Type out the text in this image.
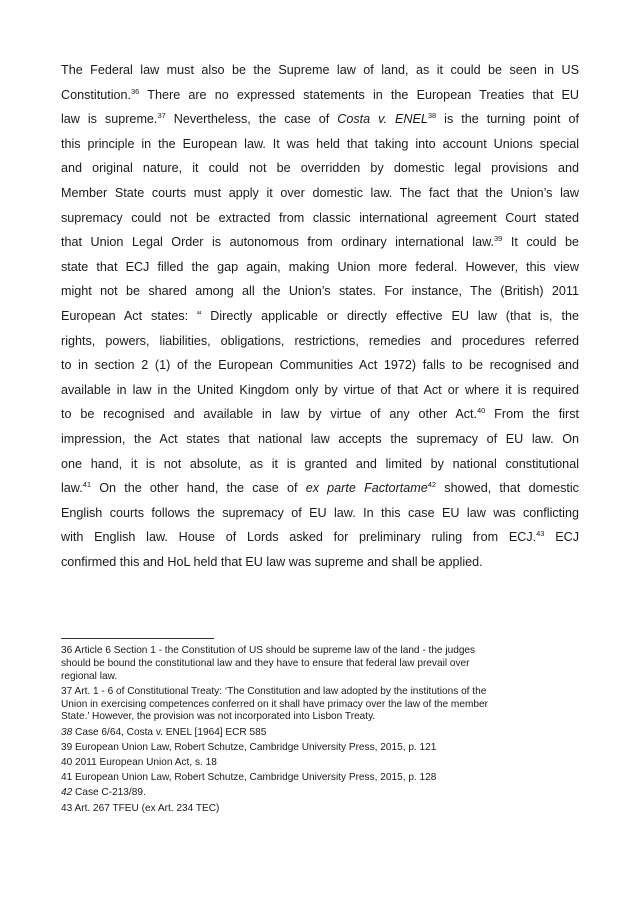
The Federal law must also be the Supreme law of land, as it could be seen in US
Constitution.$^{36}$ There are no expressed statements in the European Treaties that EU
law is supreme.$^{37}$ Nevertheless, the case of Costa v. ENEL$^{38}$ is the turning point of
this principle in the European law. It was held that taking into account Unions special
and original nature, it could not be overridden by domestic legal provisions and
Member State courts must apply it over domestic law. The fact that the Union’s law
supremacy could not be extracted from classic international agreement Court stated
that Union Legal Order is autonomous from ordinary international law.$^{39}$ It could be
state that ECJ filled the gap again, making Union more federal. However, this view
might not be shared among all the Union’s states. For instance, The (British) 2011
European Act states: “ Directly applicable or directly effective EU law (that is, the
rights, powers, liabilities, obligations, restrictions, remedies and procedures referred
to in section 2 (1) of the European Communities Act 1972) falls to be recognised and
available in law in the United Kingdom only by virtue of that Act or where it is required
to be recognised and available in law by virtue of any other Act.$^{40}$ From the first
impression, the Act states that national law accepts the supremacy of EU law. On
one hand, it is not absolute, as it is granted and limited by national constitutional
law.$^{41}$ On the other hand, the case of ex parte Factortame$^{42}$ showed, that domestic
English courts follows the supremacy of EU law. In this case EU law was conflicting
with English law. House of Lords asked for preliminary ruling from ECJ.$^{43}$ ECJ
confirmed this and HoL held that EU law was supreme and shall be applied.
36 Article 6 Section 1 - the Constitution of US should be supreme law of the land - the judges
should be bound the constitutional law and they have to ensure that federal law prevail over
regional law.
37 Art. 1 - 6 of Constitutional Treaty: ‘The Constitution and law adopted by the institutions of the
Union in exercising competences conferred on it shall have primacy over the law of the member
State.’ However, the provision was not incorporated into Lisbon Treaty.
38 Case 6/64, Costa v. ENEL [1964] ECR 585
39 European Union Law, Robert Schutze, Cambridge University Press, 2015, p. 121
40 2011 European Union Act, s. 18
41 European Union Law, Robert Schutze, Cambridge University Press, 2015, p. 128
42 Case C-213/89.
43 Art. 267 TFEU (ex Art. 234 TEC)
